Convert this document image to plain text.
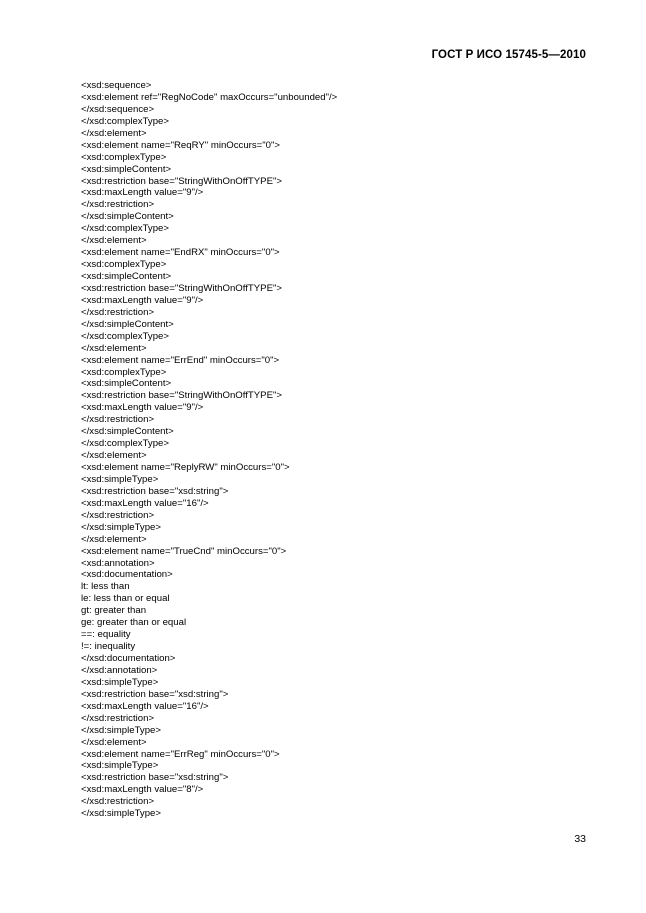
ГОСТ Р ИСО 15745-5—2010
<xsd:sequence>
<xsd:element ref="RegNoCode" maxOccurs="unbounded"/>
</xsd:sequence>
</xsd:complexType>
</xsd:element>
<xsd:element name="ReqRY" minOccurs="0">
<xsd:complexType>
<xsd:simpleContent>
<xsd:restriction base="StringWithOnOffTYPE">
<xsd:maxLength value="9"/>
</xsd:restriction>
</xsd:simpleContent>
</xsd:complexType>
</xsd:element>
<xsd:element name="EndRX" minOccurs="0">
<xsd:complexType>
<xsd:simpleContent>
<xsd:restriction base="StringWithOnOffTYPE">
<xsd:maxLength value="9"/>
</xsd:restriction>
</xsd:simpleContent>
</xsd:complexType>
</xsd:element>
<xsd:element name="ErrEnd" minOccurs="0">
<xsd:complexType>
<xsd:simpleContent>
<xsd:restriction base="StringWithOnOffTYPE">
<xsd:maxLength value="9"/>
</xsd:restriction>
</xsd:simpleContent>
</xsd:complexType>
</xsd:element>
<xsd:element name="ReplyRW" minOccurs="0">
<xsd:simpleType>
<xsd:restriction base="xsd:string">
<xsd:maxLength value="16"/>
</xsd:restriction>
</xsd:simpleType>
</xsd:element>
<xsd:element name="TrueCnd" minOccurs="0">
<xsd:annotation>
<xsd:documentation>
lt: less than
le: less than or equal
gt: greater than
ge: greater than or equal
==: equality
!=: inequality
</xsd:documentation>
</xsd:annotation>
<xsd:simpleType>
<xsd:restriction base="xsd:string">
<xsd:maxLength value="16"/>
</xsd:restriction>
</xsd:simpleType>
</xsd:element>
<xsd:element name="ErrReg" minOccurs="0">
<xsd:simpleType>
<xsd:restriction base="xsd:string">
<xsd:maxLength value="8"/>
</xsd:restriction>
</xsd:simpleType>
33
